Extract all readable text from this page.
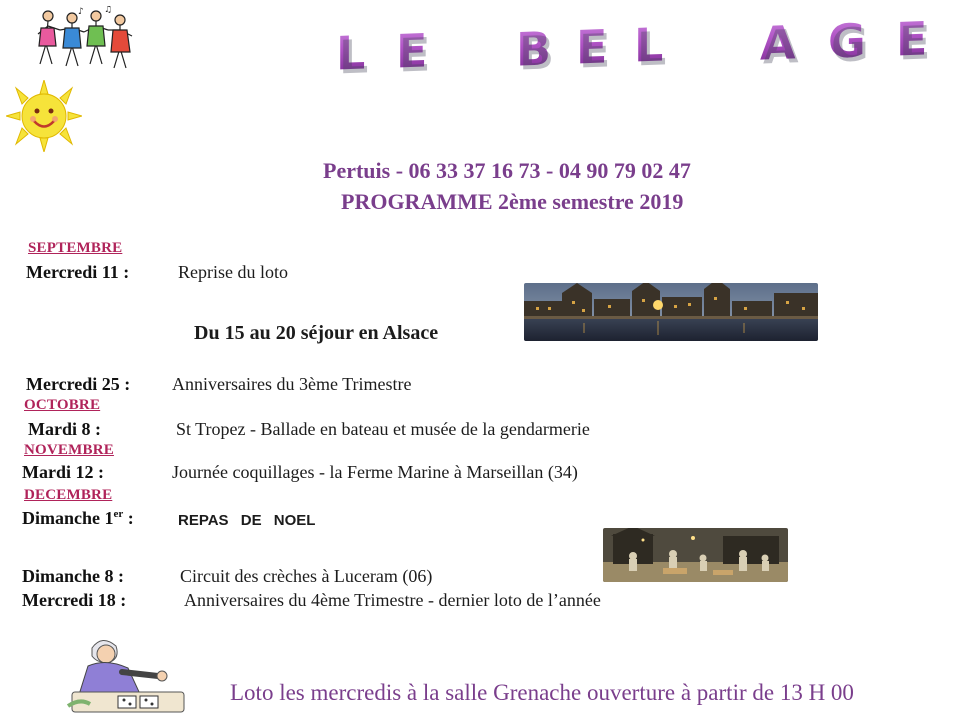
♪ ♫
L E B E L A G E
Pertuis - 06 33 37 16 73 - 04 90 79 02 47
PROGRAMME 2ème semestre 2019
SEPTEMBRE
Mercredi 11 :	Reprise du loto
Du 15 au 20 séjour en Alsace
Mercredi 25 : Anniversaires du 3ème Trimestre
OCTOBRE
Mardi 8 :	St Tropez - Ballade en bateau et musée de la gendarmerie
NOVEMBRE
Mardi 12 :	Journée coquillages - la Ferme Marine à Marseillan (34)
DECEMBRE
Dimanche 1er :	REPAS DE NOEL
Dimanche 8 :	Circuit des crèches à Luceram (06)
Mercredi 18 :	Anniversaires du 4ème Trimestre - dernier loto de l’année
Loto les mercredis à la salle Grenache ouverture à partir de 13 H 00
